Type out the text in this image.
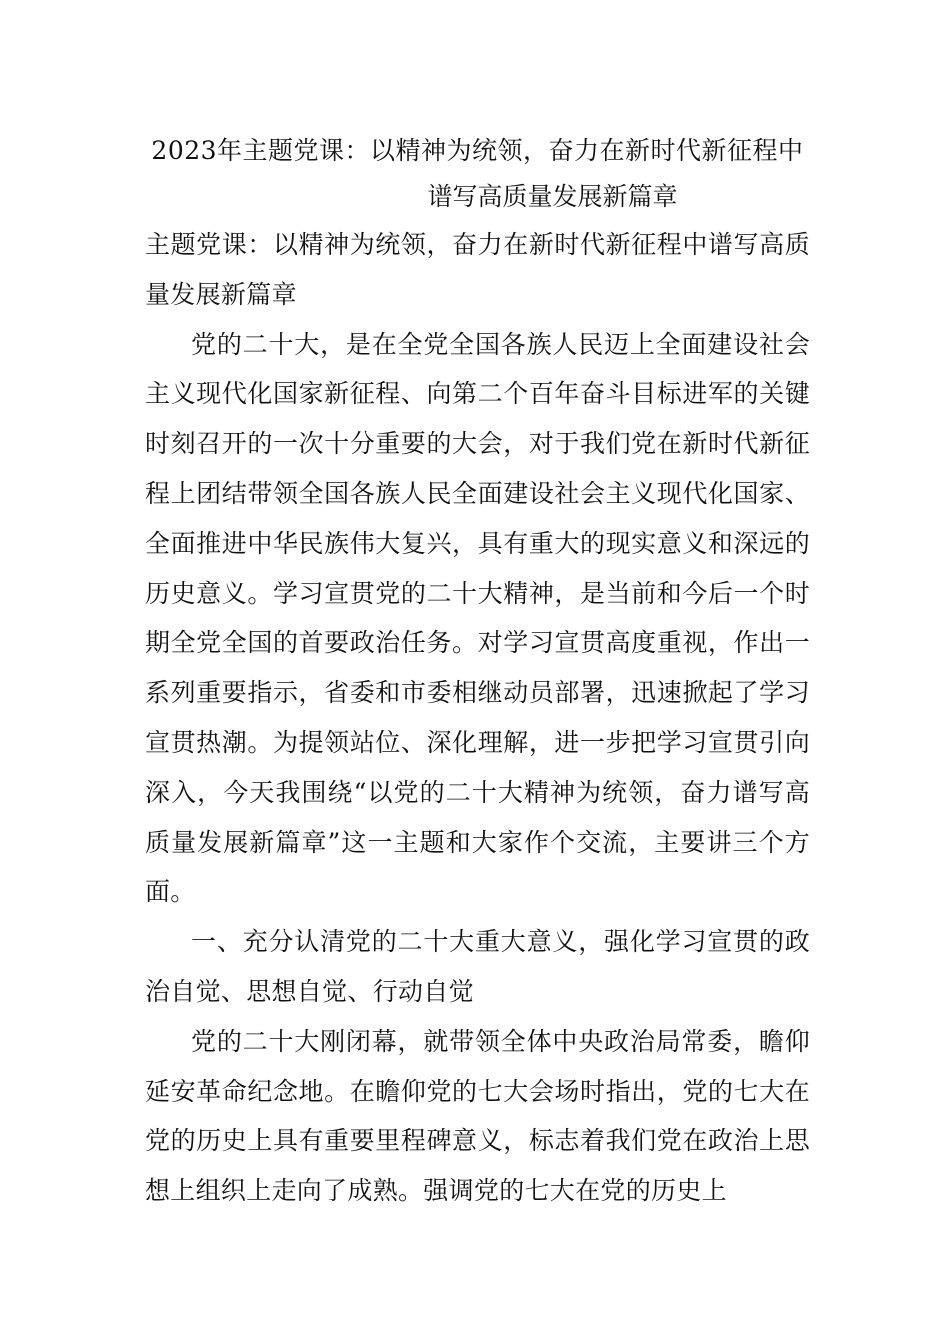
2023年主题党课：以精神为统领，奋力在新时代新征程中
谱写高质量发展新篇章

主题党课：以精神为统领，奋力在新时代新征程中谱写高质量发展新篇章

党的二十大，是在全党全国各族人民迈上全面建设社会主义现代化国家新征程、向第二个百年奋斗目标进军的关键时刻召开的一次十分重要的大会，对于我们党在新时代新征程上团结带领全国各族人民全面建设社会主义现代化国家、全面推进中华民族伟大复兴，具有重大的现实意义和深远的历史意义。学习宣贯党的二十大精神，是当前和今后一个时期全党全国的首要政治任务。对学习宣贯高度重视，作出一系列重要指示，省委和市委相继动员部署，迅速掀起了学习宣贯热潮。为提领站位、深化理解，进一步把学习宣贯引向深入，今天我围绕“以党的二十大精神为统领，奋力谱写高质量发展新篇章”这一主题和大家作个交流，主要讲三个方面。

一、充分认清党的二十大重大意义，强化学习宣贯的政治自觉、思想自觉、行动自觉

党的二十大刚闭幕，就带领全体中央政治局常委，瞻仰延安革命纪念地。在瞻仰党的七大会场时指出，党的七大在党的历史上具有重要里程碑意义，标志着我们党在政治上思想上组织上走向了成熟。强调党的七大在党的历史上
